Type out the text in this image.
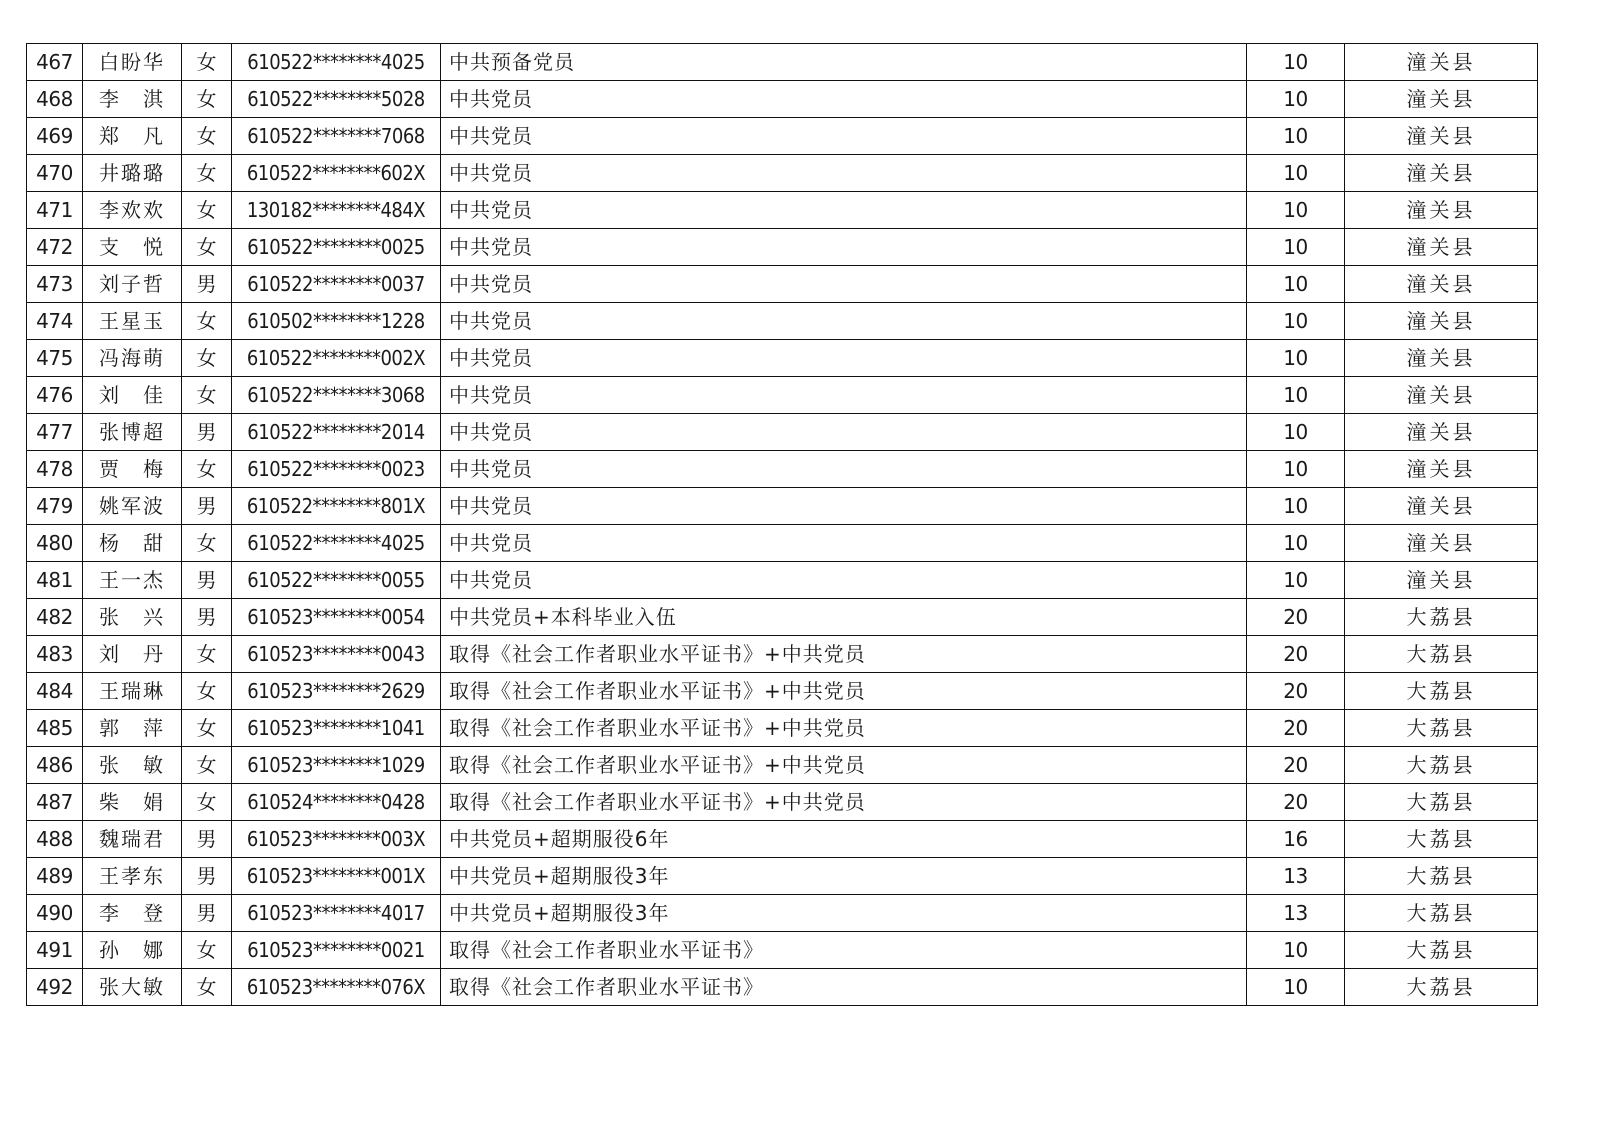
467	白盼华	女	610522********4025	中共预备党员	10	潼关县
468	李　淇	女	610522********5028	中共党员	10	潼关县
469	郑　凡	女	610522********7068	中共党员	10	潼关县
470	井璐璐	女	610522********602X	中共党员	10	潼关县
471	李欢欢	女	130182********484X	中共党员	10	潼关县
472	支　悦	女	610522********0025	中共党员	10	潼关县
473	刘子哲	男	610522********0037	中共党员	10	潼关县
474	王星玉	女	610502********1228	中共党员	10	潼关县
475	冯海萌	女	610522********002X	中共党员	10	潼关县
476	刘　佳	女	610522********3068	中共党员	10	潼关县
477	张博超	男	610522********2014	中共党员	10	潼关县
478	贾　梅	女	610522********0023	中共党员	10	潼关县
479	姚军波	男	610522********801X	中共党员	10	潼关县
480	杨　甜	女	610522********4025	中共党员	10	潼关县
481	王一杰	男	610522********0055	中共党员	10	潼关县
482	张　兴	男	610523********0054	中共党员+本科毕业入伍	20	大荔县
483	刘　丹	女	610523********0043	取得《社会工作者职业水平证书》+中共党员	20	大荔县
484	王瑞琳	女	610523********2629	取得《社会工作者职业水平证书》+中共党员	20	大荔县
485	郭　萍	女	610523********1041	取得《社会工作者职业水平证书》+中共党员	20	大荔县
486	张　敏	女	610523********1029	取得《社会工作者职业水平证书》+中共党员	20	大荔县
487	柴　娟	女	610524********0428	取得《社会工作者职业水平证书》+中共党员	20	大荔县
488	魏瑞君	男	610523********003X	中共党员+超期服役6年	16	大荔县
489	王孝东	男	610523********001X	中共党员+超期服役3年	13	大荔县
490	李　登	男	610523********4017	中共党员+超期服役3年	13	大荔县
491	孙　娜	女	610523********0021	取得《社会工作者职业水平证书》	10	大荔县
492	张大敏	女	610523********076X	取得《社会工作者职业水平证书》	10	大荔县
